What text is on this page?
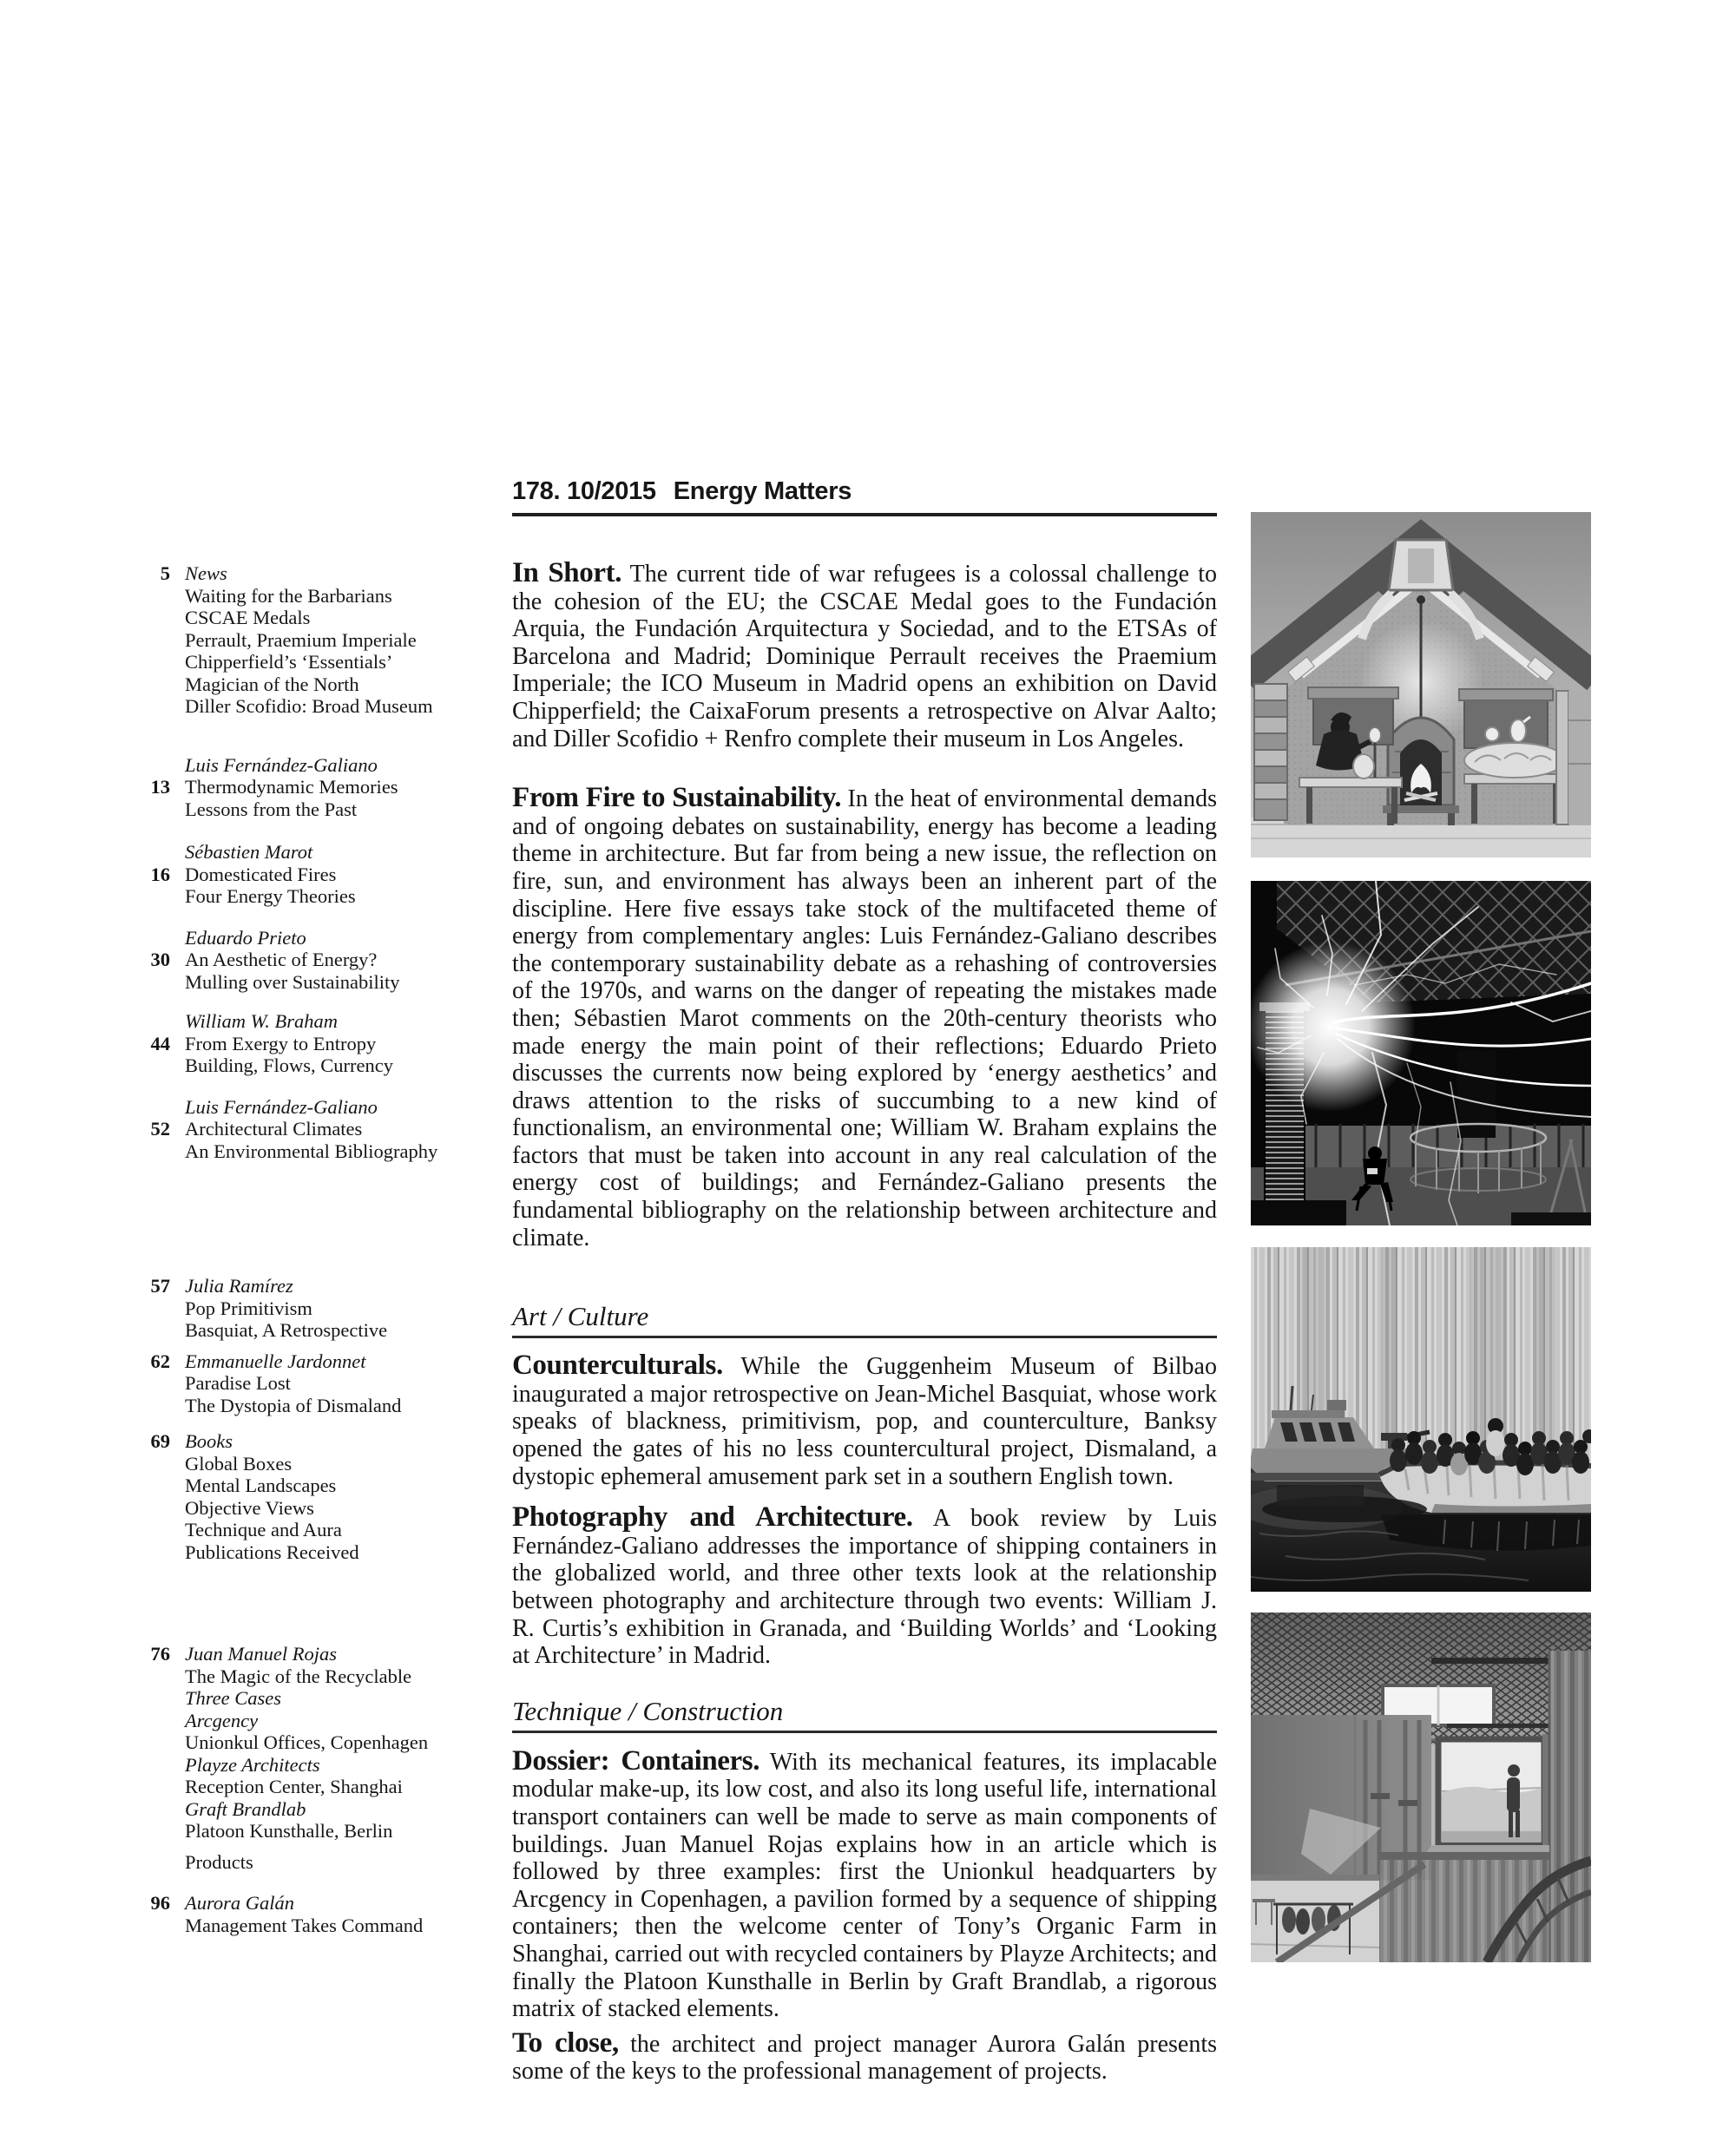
178. 10/2015 Energy Matters

In Short. The current tide of war refugees is a colossal challenge to the cohesion of the EU; the CSCAE Medal goes to the Fundación Arquia, the Fundación Arquitectura y Sociedad, and to the ETSAs of Barcelona and Madrid; Dominique Perrault receives the Praemium Imperiale; the ICO Museum in Madrid opens an exhibition on David Chipperfield; the CaixaForum presents a retrospective on Alvar Aalto; and Diller Scofidio + Renfro complete their museum in Los Angeles.

From Fire to Sustainability. In the heat of environmental demands and of ongoing debates on sustainability, energy has become a leading theme in architecture. But far from being a new issue, the reflection on fire, sun, and environment has always been an inherent part of the discipline. Here five essays take stock of the multifaceted theme of energy from complementary angles: Luis Fernández-Galiano describes the contemporary sustainability debate as a rehashing of controversies of the 1970s, and warns on the danger of repeating the mistakes made then; Sébastien Marot comments on the 20th-century theorists who made energy the main point of their reflections; Eduardo Prieto discusses the currents now being explored by ‘energy aesthetics’ and draws attention to the risks of succumbing to a new kind of functionalism, an environmental one; William W. Braham explains the factors that must be taken into account in any real calculation of the energy cost of buildings; and Fernández-Galiano presents the fundamental bibliography on the relationship between architecture and climate.

Art / Culture

Counterculturals. While the Guggenheim Museum of Bilbao inaugurated a major retrospective on Jean-Michel Basquiat, whose work speaks of blackness, primitivism, pop, and counterculture, Banksy opened the gates of his no less countercultural project, Dismaland, a dystopic ephemeral amusement park set in a southern English town.

Photography and Architecture. A book review by Luis Fernández-Galiano addresses the importance of shipping containers in the globalized world, and three other texts look at the relationship between photography and architecture through two events: William J. R. Curtis’s exhibition in Granada, and ‘Building Worlds’ and ‘Looking at Architecture’ in Madrid.

Technique / Construction

Dossier: Containers. With its mechanical features, its implacable modular make-up, its low cost, and also its long useful life, international transport containers can well be made to serve as main components of buildings. Juan Manuel Rojas explains how in an article which is followed by three examples: first the Unionkul headquarters by Arcgency in Copenhagen, a pavilion formed by a sequence of shipping containers; then the welcome center of Tony’s Organic Farm in Shanghai, carried out with recycled containers by Playze Architects; and finally the Platoon Kunsthalle in Berlin by Graft Brandlab, a rigorous matrix of stacked elements.

To close, the architect and project manager Aurora Galán presents some of the keys to the professional management of projects.

5 News
Waiting for the Barbarians
CSCAE Medals
Perrault, Praemium Imperiale
Chipperfield’s ‘Essentials’
Magician of the North
Diller Scofidio: Broad Museum
Luis Fernández-Galiano
13 Thermodynamic Memories
Lessons from the Past
Sébastien Marot
16 Domesticated Fires
Four Energy Theories
Eduardo Prieto
30 An Aesthetic of Energy?
Mulling over Sustainability
William W. Braham
44 From Exergy to Entropy
Building, Flows, Currency
Luis Fernández-Galiano
52 Architectural Climates
An Environmental Bibliography
57 Julia Ramírez
Pop Primitivism
Basquiat, A Retrospective
62 Emmanuelle Jardonnet
Paradise Lost
The Dystopia of Dismaland
69 Books
Global Boxes
Mental Landscapes
Objective Views
Technique and Aura
Publications Received
76 Juan Manuel Rojas
The Magic of the Recyclable
Three Cases
Arcgency
Unionkul Offices, Copenhagen
Playze Architects
Reception Center, Shanghai
Graft Brandlab
Platoon Kunsthalle, Berlin
Products
96 Aurora Galán
Management Takes Command
